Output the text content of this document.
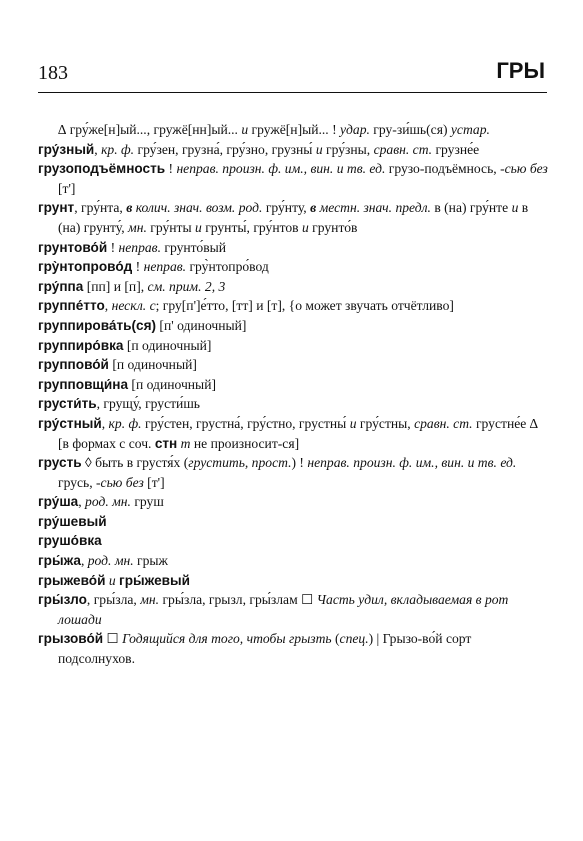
183	ГРЫ

∆ гру́же[н]ый..., гружё[нн]ый... и гружё[н]ый... ! удар. гру-зи́шь(ся) устар.

гру́зный, кр. ф. гру́зен, грузна́, гру́зно, грузны́ и гру́зны, сравн. ст. грузне́е

грузоподъёмность ! неправ. произн. ф. им., вин. и тв. ед. грузо-подъёмнось, -сью без [т']

грунт, гру́нта, в колич. знач. возм. род. гру́нту, в местн. знач. предл. в (на) гру́нте и в (на) грунту́, мн. гру́нты и грунты́, гру́нтов и грунто́в

грунтово́й ! неправ. грунто́вый

гру̀нтопрово́д ! неправ. гру̀нтопро́вод

гру́ппа [пп] и [п], см. прим. 2, 3

группе́тто, нескл. с; гру[п']е́тто, [тт] и [т], {о может звучать отчётливо]

группирова́ть(ся) [п' одиночный]

группиро́вка [п одиночный]

группово́й [п одиночный]

групповщи́на [п одиночный]

грусти́ть, грущу́, грусти́шь

гру́стный, кр. ф. гру́стен, грустна́, гру́стно, грустны́ и гру́стны, сравн. ст. грустне́е ∆ [в формах с соч. стн т не произносит-ся]

грусть ◊ быть в грустя́х (грустить, прост.) ! неправ. произн. ф. им., вин. и тв. ед. грусь, -сью без [т']

гру́ша, род. мн. груш

гру́шевый

грушо́вка

гры́жа, род. мн. грыж

грыжево́й и гры́жевый

гры́зло, гры́зла, мн. гры́зла, грызл, гры́злам ☐ Часть удил, вкладываемая в рот лошади

грызово́й ☐ Годящийся для того, чтобы грызть (спец.) | Грызо-во́й сорт подсолнухов.
